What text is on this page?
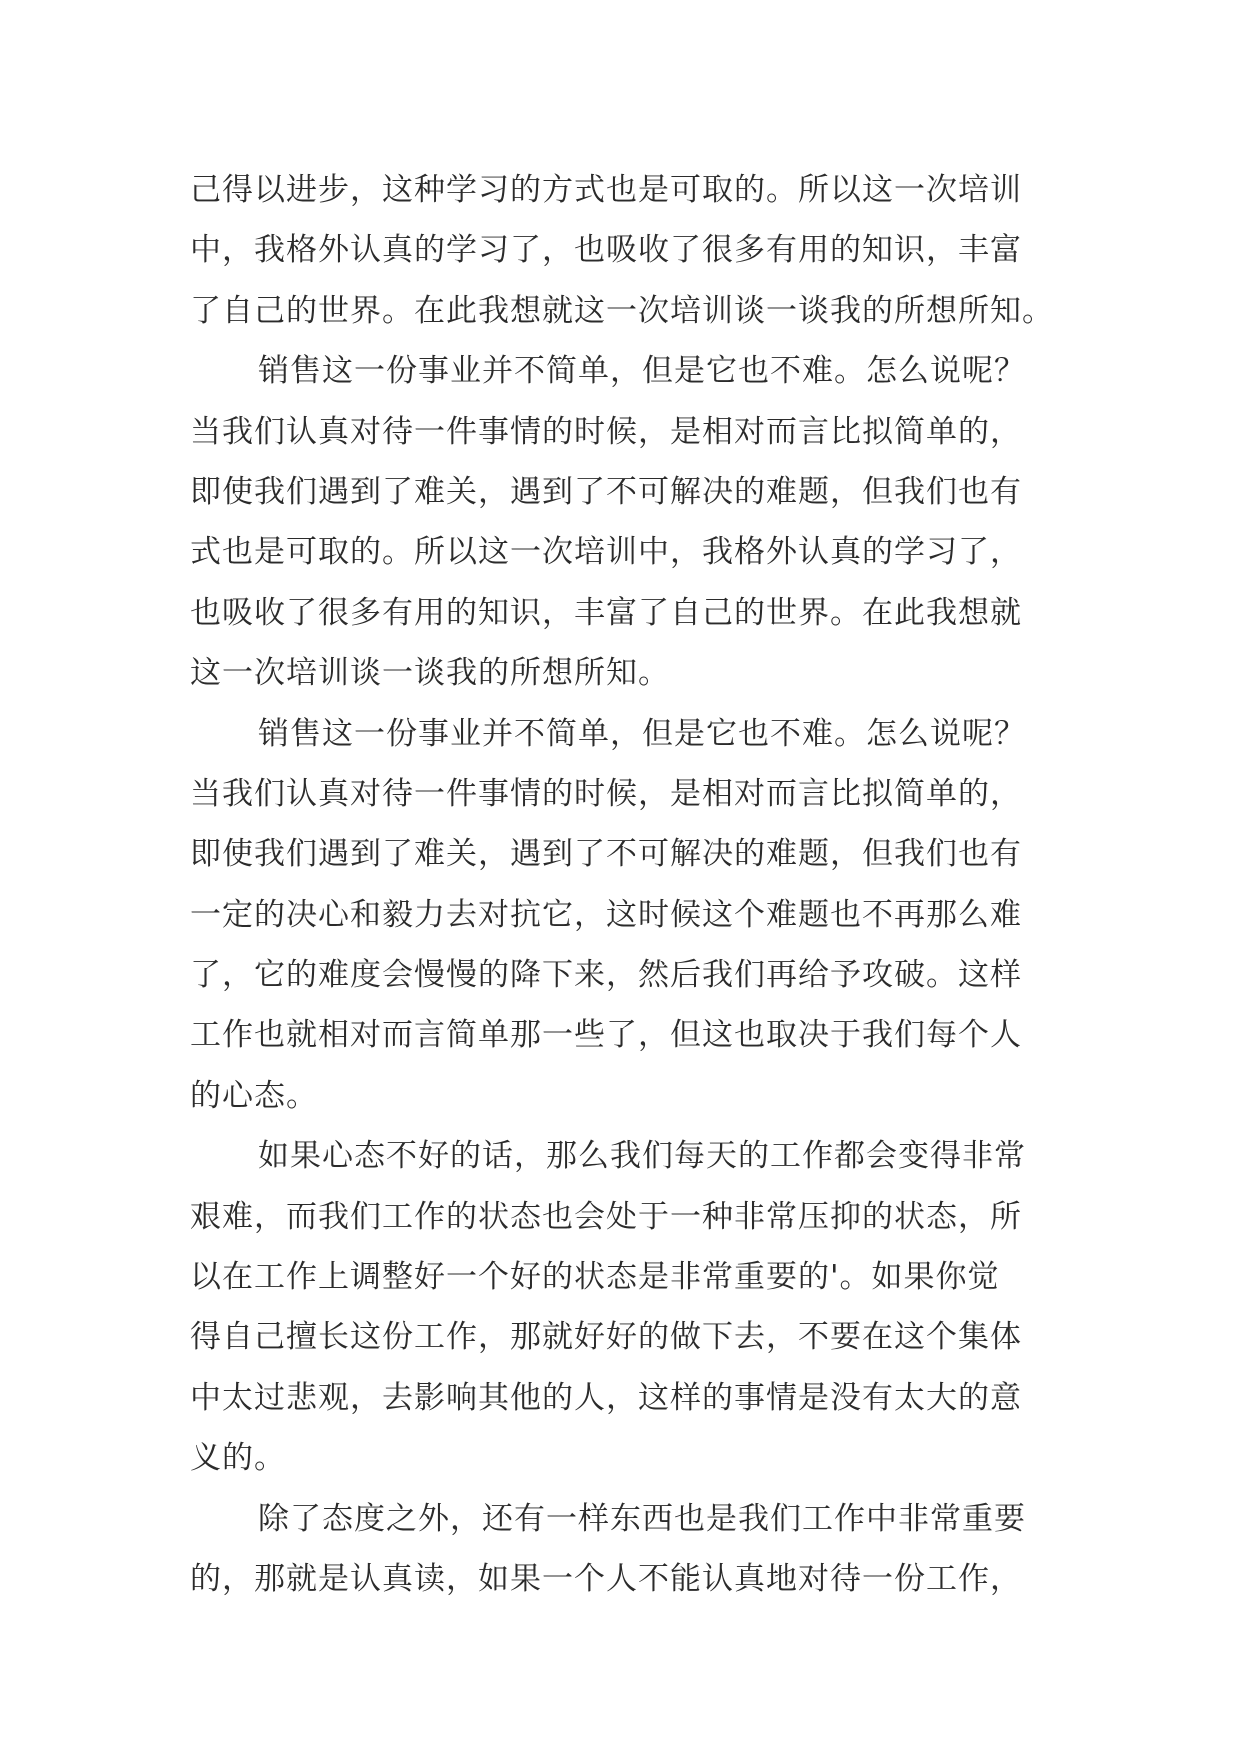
己得以进步，这种学习的方式也是可取的。所以这一次培训
中，我格外认真的学习了，也吸收了很多有用的知识，丰富
了自己的世界。在此我想就这一次培训谈一谈我的所想所知。
销售这一份事业并不简单，但是它也不难。怎么说呢？
当我们认真对待一件事情的时候，是相对而言比拟简单的，
即使我们遇到了难关，遇到了不可解决的难题，但我们也有
式也是可取的。所以这一次培训中，我格外认真的学习了，
也吸收了很多有用的知识，丰富了自己的世界。在此我想就
这一次培训谈一谈我的所想所知。
销售这一份事业并不简单，但是它也不难。怎么说呢？
当我们认真对待一件事情的时候，是相对而言比拟简单的，
即使我们遇到了难关，遇到了不可解决的难题，但我们也有
一定的决心和毅力去对抗它，这时候这个难题也不再那么难
了，它的难度会慢慢的降下来，然后我们再给予攻破。这样
工作也就相对而言简单那一些了，但这也取决于我们每个人
的心态。
如果心态不好的话，那么我们每天的工作都会变得非常
艰难，而我们工作的状态也会处于一种非常压抑的状态，所
以在工作上调整好一个好的状态是非常重要的'。如果你觉
得自己擅长这份工作，那就好好的做下去，不要在这个集体
中太过悲观，去影响其他的人，这样的事情是没有太大的意
义的。
除了态度之外，还有一样东西也是我们工作中非常重要
的，那就是认真读，如果一个人不能认真地对待一份工作，
